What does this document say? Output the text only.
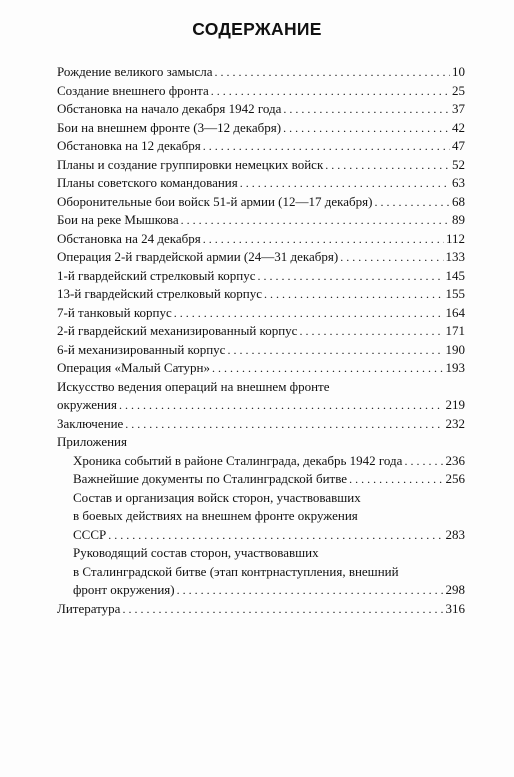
СОДЕРЖАНИЕ
Рождение великого замысла . . .	10
Создание внешнего фронта . . .	25
Обстановка на начало декабря 1942 года . . .	37
Бои на внешнем фронте (3—12 декабря) . . .	42
Обстановка на 12 декабря . . .	47
Планы и создание группировки немецких войск . . .	52
Планы советского командования . . .	63
Оборонительные бои войск 51-й армии (12—17 декабря) . . .	68
Бои на реке Мышкова . . .	89
Обстановка на 24 декабря . . .	112
Операция 2-й гвардейской армии (24—31 декабря) . . .	133
1-й гвардейский стрелковый корпус . . .	145
13-й гвардейский стрелковый корпус . . .	155
7-й танковый корпус . . .	164
2-й гвардейский механизированный корпус . . .	171
6-й механизированный корпус . . .	190
Операция «Малый Сатурн» . . .	193
Искусство ведения операций на внешнем фронте
окружения . . .	219
Заключение . . .	232
Приложения
Хроника событий в районе Сталинграда, декабрь 1942 года . . .	236
Важнейшие документы по Сталинградской битве . . .	256
Состав и организация войск сторон, участвовавших
в боевых действиях на внешнем фронте окружения
СССР . . .	283
Руководящий состав сторон, участвовавших
в Сталинградской битве (этап контрнаступления, внешний
фронт окружения) . . .	298
Литература . . .	316
